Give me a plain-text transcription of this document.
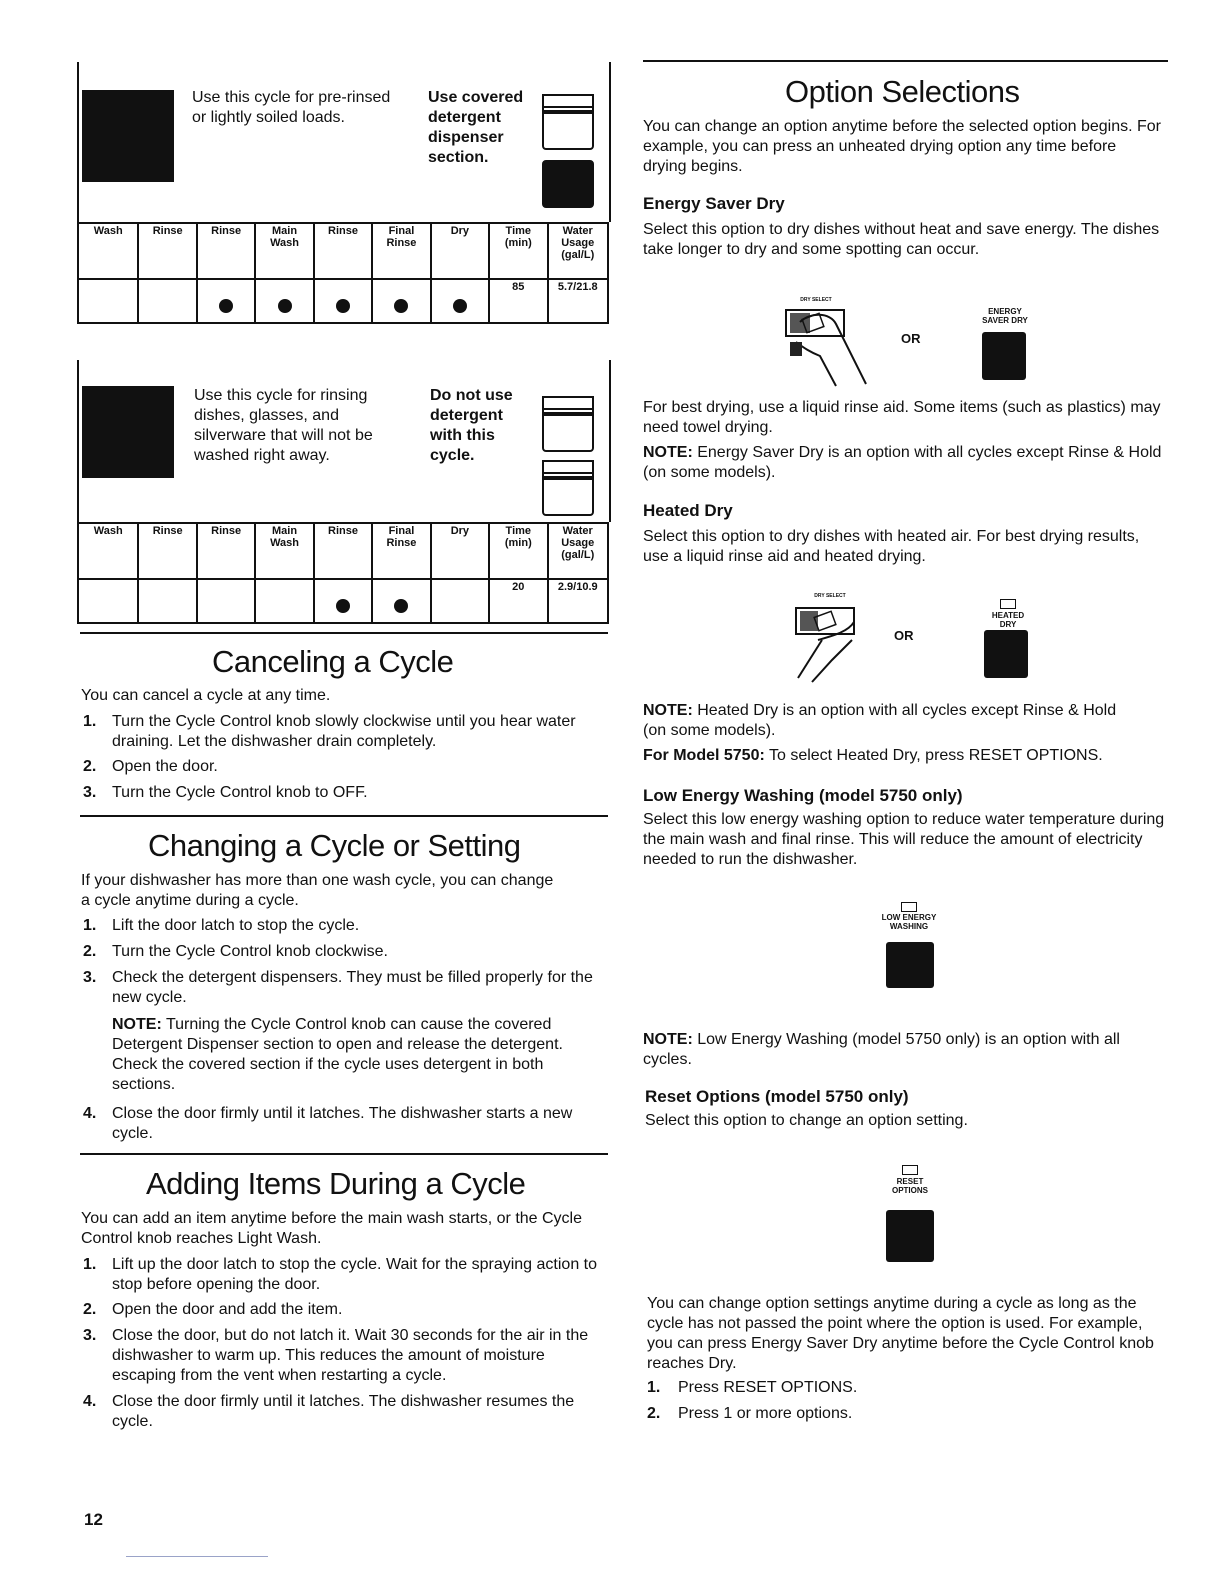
Use this cycle for pre-rinsed or lightly soiled loads.
Use covered detergent dispenser section.
Wash	Rinse	Rinse	Main Wash	Rinse	Final Rinse	Dry	Time (min)	Water Usage (gal/L)
							85	5.7/21.8
Use this cycle for rinsing dishes, glasses, and silverware that will not be washed right away.
Do not use detergent with this cycle.
Wash	Rinse	Rinse	Main Wash	Rinse	Final Rinse	Dry	Time (min)	Water Usage (gal/L)
							20	2.9/10.9
Canceling a Cycle

You can cancel a cycle at any time.

1. Turn the Cycle Control knob slowly clockwise until you hear water draining. Let the dishwasher drain completely.

2. Open the door.

3. Turn the Cycle Control knob to OFF.

Changing a Cycle or Setting

If your dishwasher has more than one wash cycle, you can change a cycle anytime during a cycle.

1. Lift the door latch to stop the cycle.

2. Turn the Cycle Control knob clockwise.

3. Check the detergent dispensers. They must be filled properly for the new cycle.

NOTE: Turning the Cycle Control knob can cause the covered Detergent Dispenser section to open and release the detergent. Check the covered section if the cycle uses detergent in both sections.

4. Close the door firmly until it latches. The dishwasher starts a new cycle.

Adding Items During a Cycle

You can add an item anytime before the main wash starts, or the Cycle Control knob reaches Light Wash.

1. Lift up the door latch to stop the cycle. Wait for the spraying action to stop before opening the door.

2. Open the door and add the item.

3. Close the door, but do not latch it. Wait 30 seconds for the air in the dishwasher to warm up. This reduces the amount of moisture escaping from the vent when restarting a cycle.

4. Close the door firmly until it latches. The dishwasher resumes the cycle.

12
Option Selections

You can change an option anytime before the selected option begins. For example, you can press an unheated drying option any time before drying begins.

Energy Saver Dry

Select this option to dry dishes without heat and save energy. The dishes take longer to dry and some spotting can occur.

DRY SELECT
ENERGY
SAVER DRY
OR

For best drying, use a liquid rinse aid. Some items (such as plastics) may need towel drying.

NOTE: Energy Saver Dry is an option with all cycles except Rinse & Hold (on some models).

Heated Dry

Select this option to dry dishes with heated air. For best drying results, use a liquid rinse aid and heated drying.

DRY SELECT
HEATED
DRY
OR

NOTE: Heated Dry is an option with all cycles except Rinse & Hold (on some models).

For Model 5750: To select Heated Dry, press RESET OPTIONS.

Low Energy Washing (model 5750 only)

Select this low energy washing option to reduce water temperature during the main wash and final rinse. This will reduce the amount of electricity needed to run the dishwasher.

LOW ENERGY
WASHING

NOTE: Low Energy Washing (model 5750 only) is an option with all cycles.

Reset Options (model 5750 only)

Select this option to change an option setting.

RESET
OPTIONS

You can change option settings anytime during a cycle as long as the cycle has not passed the point where the option is used. For example, you can press Energy Saver Dry anytime before the Cycle Control knob reaches Dry.

1. Press RESET OPTIONS.

2. Press 1 or more options.
